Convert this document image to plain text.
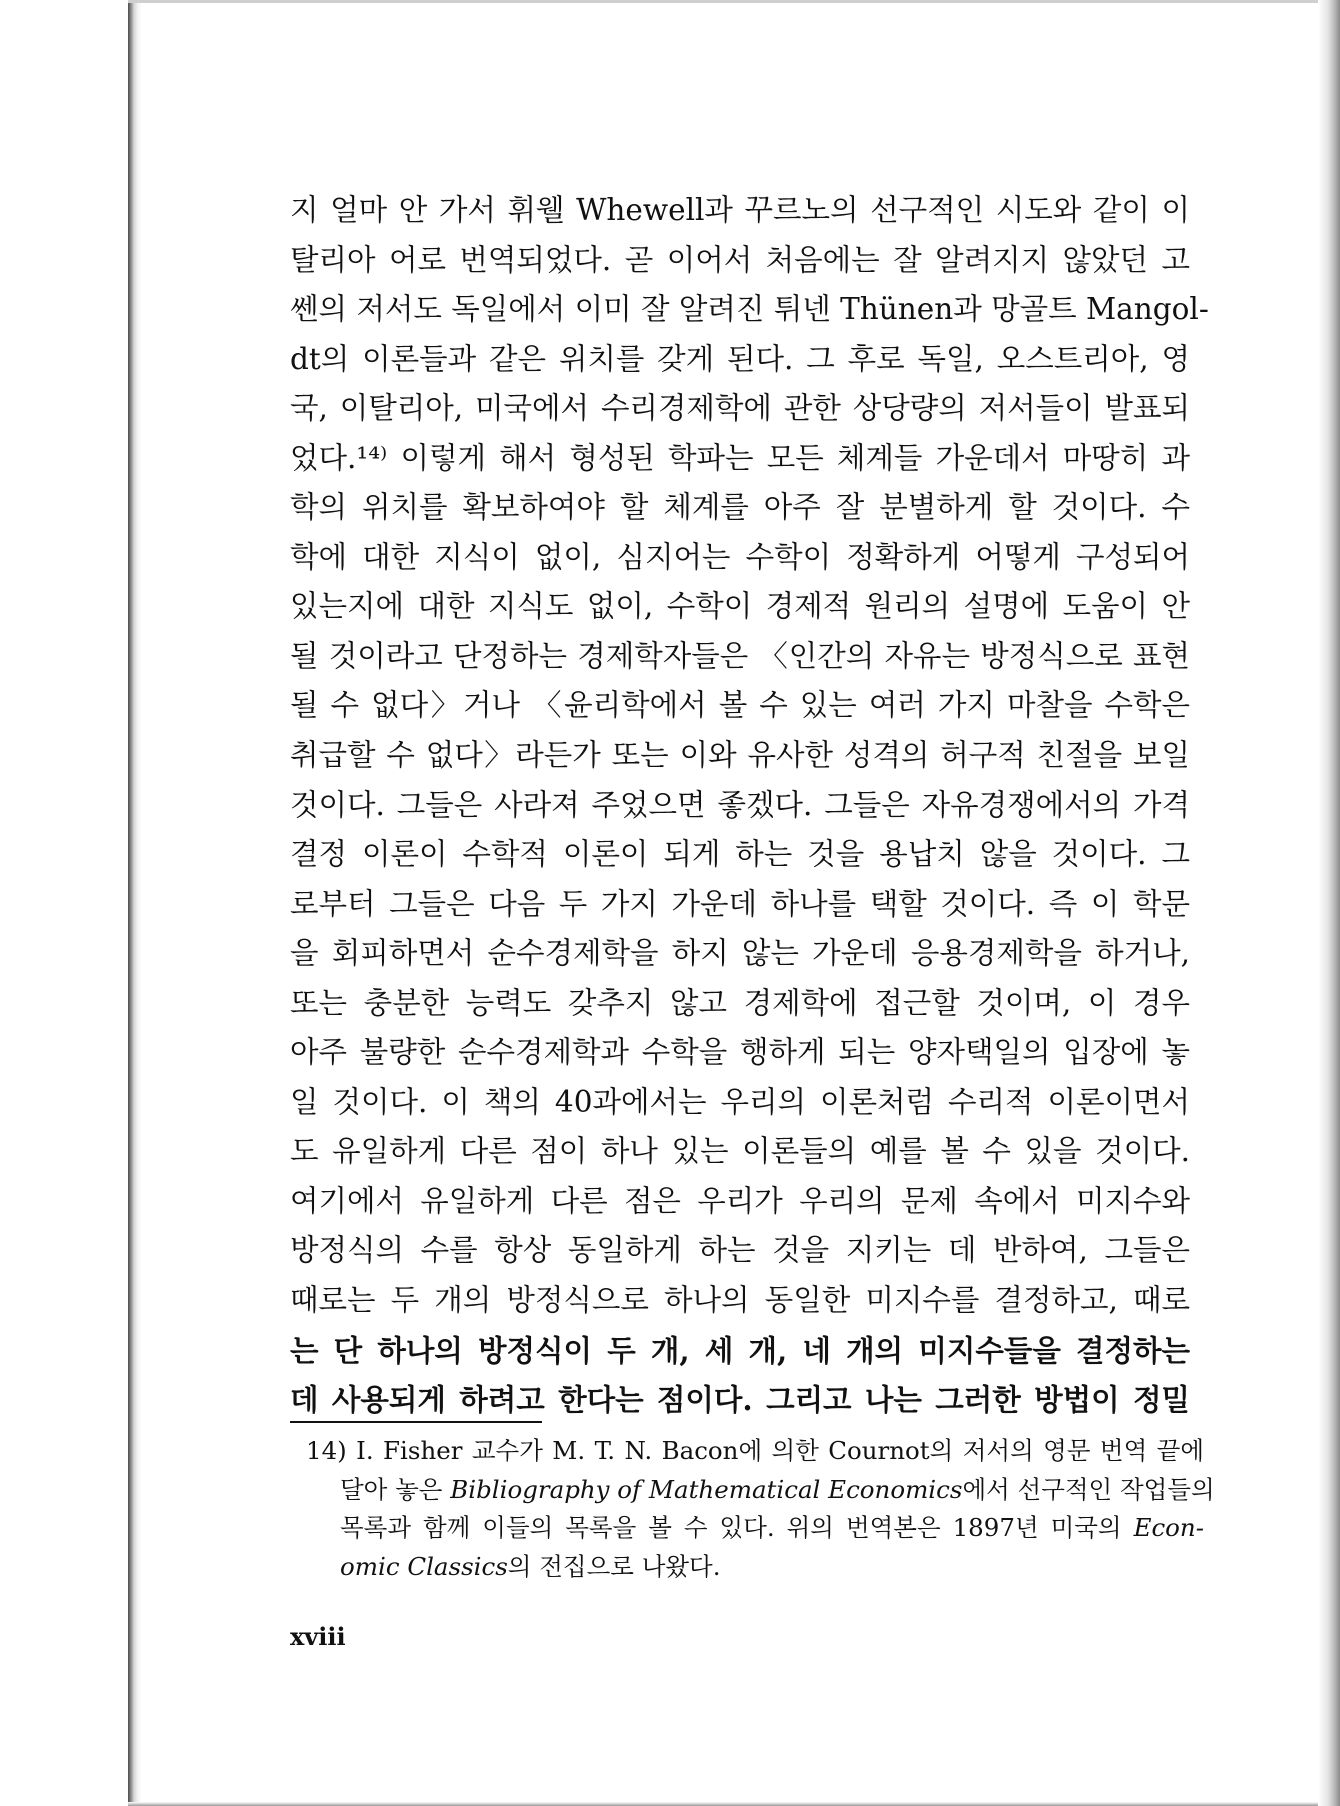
지 얼마 안 가서 휘웰 Whewell과 꾸르노의 선구적인 시도와 같이 이
탈리아 어로 번역되었다. 곧 이어서 처음에는 잘 알려지지 않았던 고
쎈의 저서도 독일에서 이미 잘 알려진 튀넨 Thünen과 망골트 Mangol-
dt의 이론들과 같은 위치를 갖게 된다. 그 후로 독일, 오스트리아, 영
국, 이탈리아, 미국에서 수리경제학에 관한 상당량의 저서들이 발표되
었다.¹⁴⁾ 이렇게 해서 형성된 학파는 모든 체계들 가운데서 마땅히 과
학의 위치를 확보하여야 할 체계를 아주 잘 분별하게 할 것이다. 수
학에 대한 지식이 없이, 심지어는 수학이 정확하게 어떻게 구성되어
있는지에 대한 지식도 없이, 수학이 경제적 원리의 설명에 도움이 안
될 것이라고 단정하는 경제학자들은 〈인간의 자유는 방정식으로 표현
될 수 없다〉거나 〈윤리학에서 볼 수 있는 여러 가지 마찰을 수학은
취급할 수 없다〉라든가 또는 이와 유사한 성격의 허구적 친절을 보일
것이다. 그들은 사라져 주었으면 좋겠다. 그들은 자유경쟁에서의 가격
결정 이론이 수학적 이론이 되게 하는 것을 용납치 않을 것이다. 그
로부터 그들은 다음 두 가지 가운데 하나를 택할 것이다. 즉 이 학문
을 회피하면서 순수경제학을 하지 않는 가운데 응용경제학을 하거나,
또는 충분한 능력도 갖추지 않고 경제학에 접근할 것이며, 이 경우
아주 불량한 순수경제학과 수학을 행하게 되는 양자택일의 입장에 놓
일 것이다. 이 책의 40과에서는 우리의 이론처럼 수리적 이론이면서
도 유일하게 다른 점이 하나 있는 이론들의 예를 볼 수 있을 것이다.
여기에서 유일하게 다른 점은 우리가 우리의 문제 속에서 미지수와
방정식의 수를 항상 동일하게 하는 것을 지키는 데 반하여, 그들은
때로는 두 개의 방정식으로 하나의 동일한 미지수를 결정하고, 때로
는 단 하나의 방정식이 두 개, 세 개, 네 개의 미지수들을 결정하는
데 사용되게 하려고 한다는 점이다. 그리고 나는 그러한 방법이 정밀
14) I. Fisher 교수가 M. T. N. Bacon에 의한 Cournot의 저서의 영문 번역 끝에
달아 놓은 Bibliography of Mathematical Economics에서 선구적인 작업들의
목록과 함께 이들의 목록을 볼 수 있다. 위의 번역본은 1897년 미국의 Econ-
omic Classics의 전집으로 나왔다.
xviii
